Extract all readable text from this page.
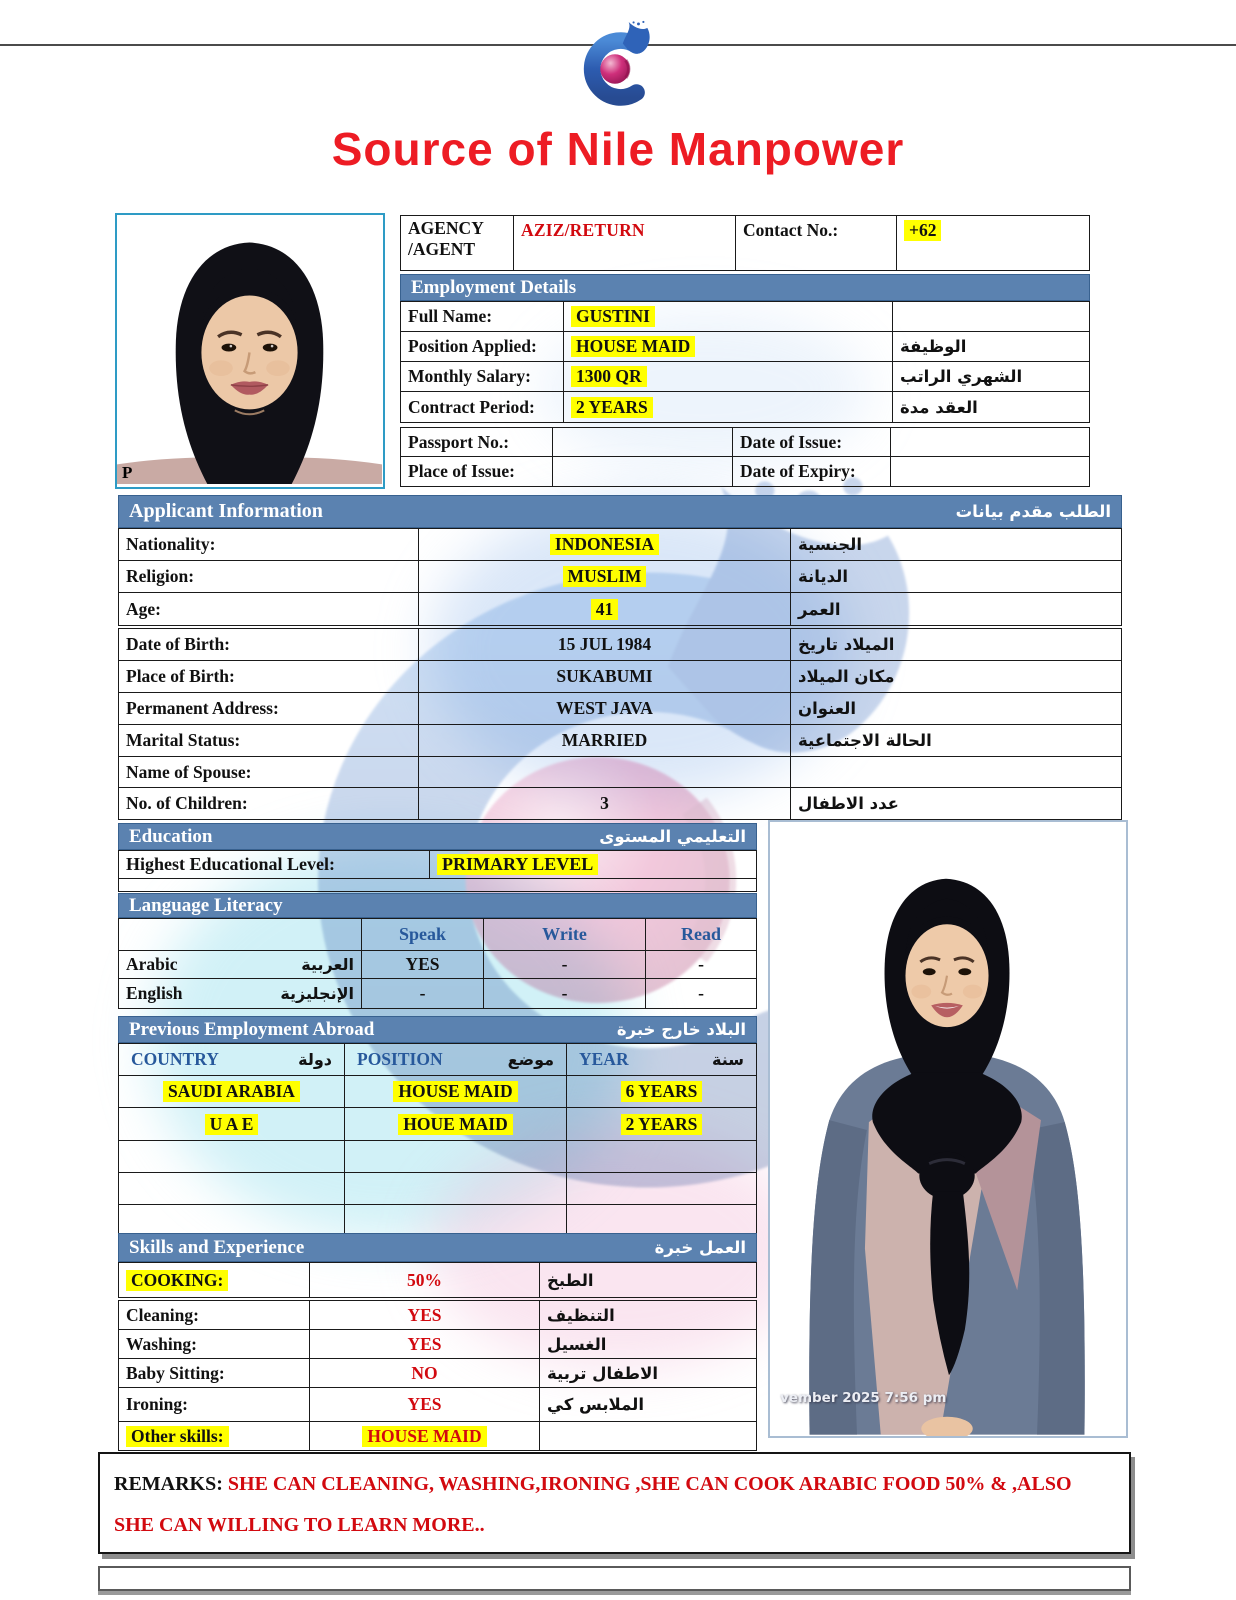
Source of Nile Manpower
P
AGENCY
/AGENT
AZIZ/RETURN	Contact No.:	+62
Employment Details
Full Name:	GUSTINI
Position Applied:	HOUSE MAID	الوظيفة
Monthly Salary:	1300 QR	الشهري الراتب
Contract Period:	2 YEARS	العقد مدة
Passport No.:	Date of Issue:
Place of Issue:	Date of Expiry:
Applicant Information	الطلب مقدم بيانات
Nationality:	INDONESIA	الجنسية
Religion:	MUSLIM	الديانة
Age:	41	العمر
Date of Birth:	15 JUL 1984	الميلاد تاريخ
Place of Birth:	SUKABUMI	مكان الميلاد
Permanent Address:	WEST JAVA	العنوان
Marital Status:	MARRIED	الحالة الاجتماعية
Name of Spouse:
No. of Children:	3	عدد الاطفال
Education	التعليمي المستوى
Highest Educational Level:	PRIMARY LEVEL
Language Literacy
Speak	Write	Read
Arabic	العربية	YES	-	-
English	الإنجليزية	-	-	-
Previous Employment Abroad	البلاد خارج خبرة
COUNTRY	دولة POSITION	موضع YEAR	سنة
SAUDI ARABIA	HOUSE MAID	6 YEARS
U A E	HOUE MAID	2 YEARS
Skills and Experience	العمل خبرة
COOKING:	50%	الطبخ
Cleaning:	YES	التنظيف
Washing:	YES	الغسيل
Baby Sitting:	NO	الاطفال تربية
Ironing:	YES	الملابس كي
Other skills:	HOUSE MAID
vember 2025 7:56 pm

REMARKS: SHE CAN CLEANING, WASHING,IRONING ,SHE CAN COOK ARABIC FOOD 50% & ,ALSO SHE CAN WILLING TO LEARN MORE..
